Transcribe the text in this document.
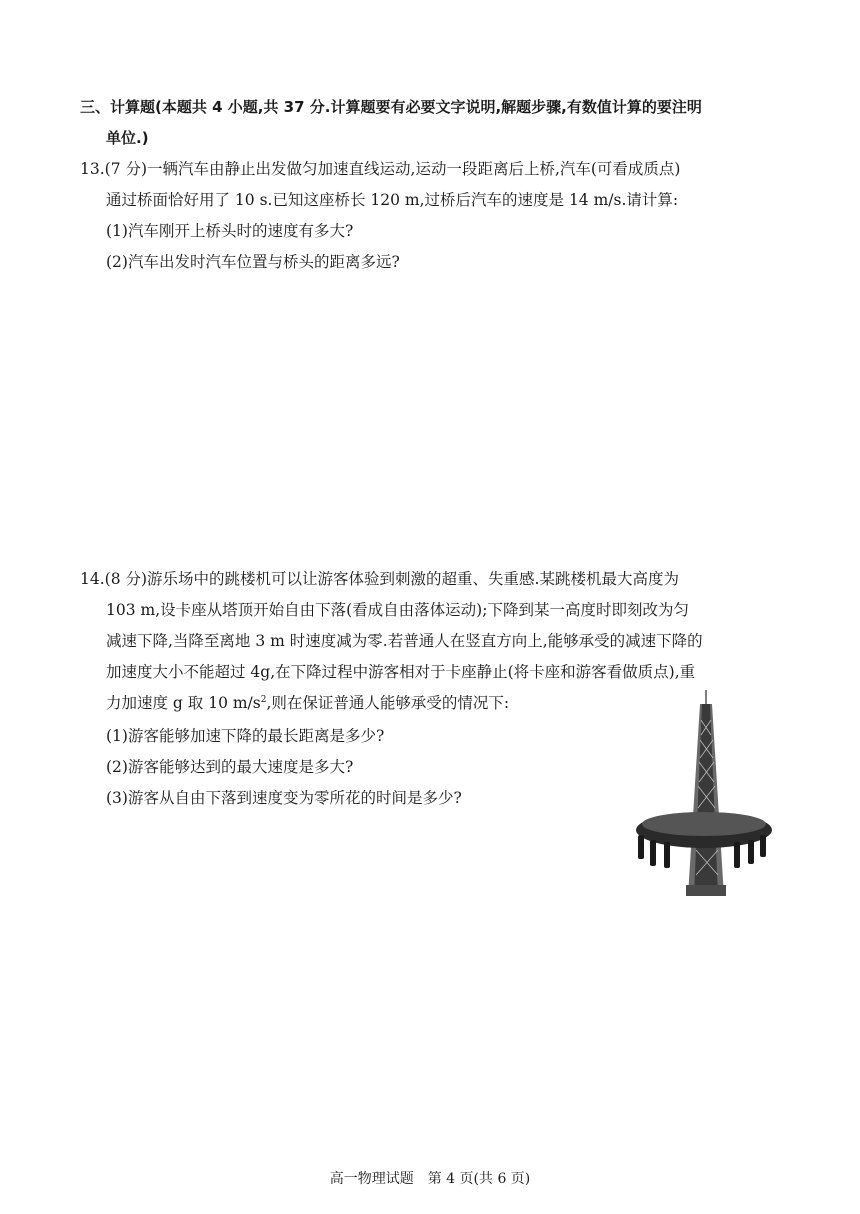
三、计算题(本题共 4 小题,共 37 分.计算题要有必要文字说明,解题步骤,有数值计算的要注明
单位.)
13.(7 分)一辆汽车由静止出发做匀加速直线运动,运动一段距离后上桥,汽车(可看成质点)
通过桥面恰好用了 10 s.已知这座桥长 120 m,过桥后汽车的速度是 14 m/s.请计算:
(1)汽车刚开上桥头时的速度有多大?
(2)汽车出发时汽车位置与桥头的距离多远?
14.(8 分)游乐场中的跳楼机可以让游客体验到刺激的超重、失重感.某跳楼机最大高度为
103 m,设卡座从塔顶开始自由下落(看成自由落体运动);下降到某一高度时即刻改为匀
减速下降,当降至离地 3 m 时速度减为零.若普通人在竖直方向上,能够承受的减速下降的
加速度大小不能超过 4g,在下降过程中游客相对于卡座静止(将卡座和游客看做质点),重
力加速度 g 取 10 $m/s^2$,则在保证普通人能够承受的情况下:
(1)游客能够加速下降的最长距离是多少?
(2)游客能够达到的最大速度是多大?
(3)游客从自由下落到速度变为零所花的时间是多少?
高一物理试题　第 4 页(共 6 页)
